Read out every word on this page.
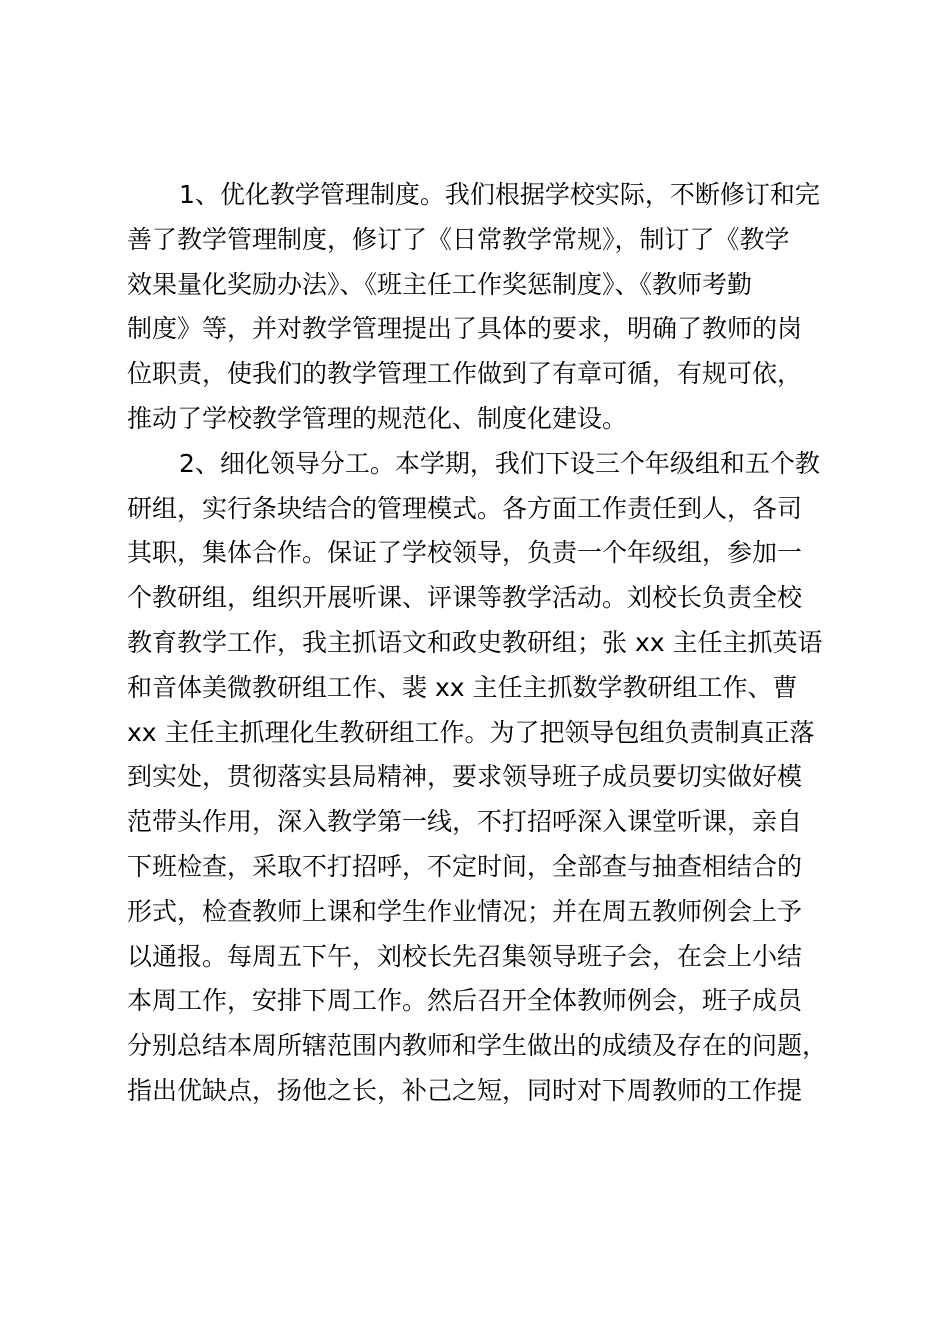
1、优化教学管理制度。我们根据学校实际，不断修订和完
善了教学管理制度，修订了《日常教学常规》，制订了《教学
效果量化奖励办法》、《班主任工作奖惩制度》、《教师考勤
制度》等，并对教学管理提出了具体的要求，明确了教师的岗
位职责，使我们的教学管理工作做到了有章可循，有规可依，
推动了学校教学管理的规范化、制度化建设。
2、细化领导分工。本学期，我们下设三个年级组和五个教
研组，实行条块结合的管理模式。各方面工作责任到人，各司
其职，集体合作。保证了学校领导，负责一个年级组，参加一
个教研组，组织开展听课、评课等教学活动。刘校长负责全校
教育教学工作，我主抓语文和政史教研组；张 xx 主任主抓英语
和音体美微教研组工作、裴 xx 主任主抓数学教研组工作、曹
xx 主任主抓理化生教研组工作。为了把领导包组负责制真正落
到实处，贯彻落实县局精神，要求领导班子成员要切实做好模
范带头作用，深入教学第一线，不打招呼深入课堂听课，亲自
下班检查，采取不打招呼，不定时间，全部查与抽查相结合的
形式，检查教师上课和学生作业情况；并在周五教师例会上予
以通报。每周五下午，刘校长先召集领导班子会，在会上小结
本周工作，安排下周工作。然后召开全体教师例会，班子成员
分别总结本周所辖范围内教师和学生做出的成绩及存在的问题，
指出优缺点，扬他之长，补己之短，同时对下周教师的工作提
